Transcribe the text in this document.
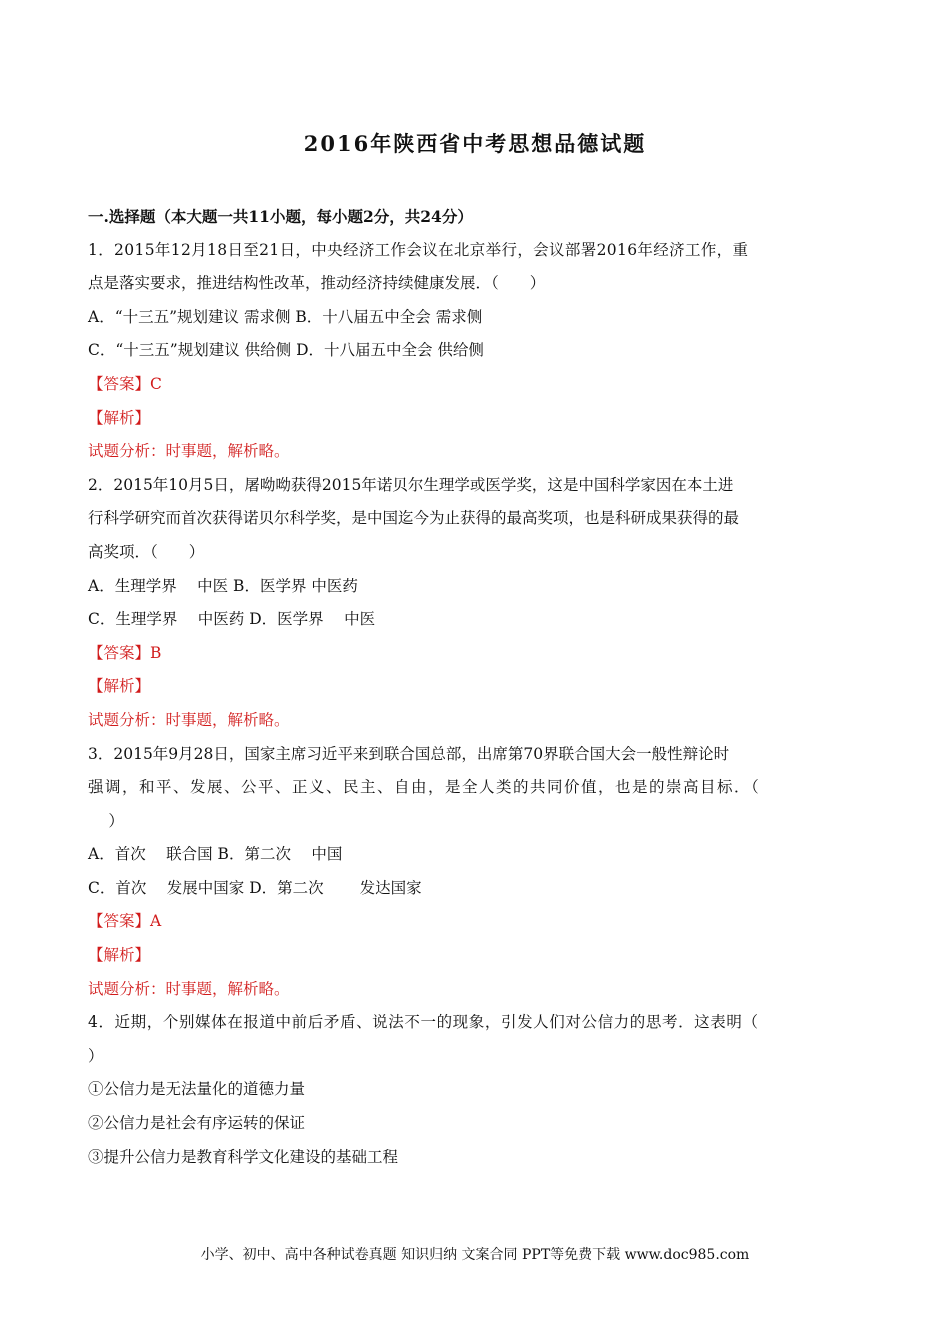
2016年陕西省中考思想品德试题
一.选择题（本大题一共11小题，每小题2分，共24分）
1．2015年12月18日至21日，中央经济工作会议在北京举行，会议部署2016年经济工作，重
点是落实要求，推进结构性改革，推动经济持续健康发展．（　　）
A．“十三五”规划建议 需求侧 B．十八届五中全会 需求侧
C．“十三五”规划建议 供给侧 D．十八届五中全会 供给侧
【答案】C
【解析】
试题分析：时事题，解析略。
2．2015年10月5日，屠呦呦获得2015年诺贝尔生理学或医学奖，这是中国科学家因在本土进
行科学研究而首次获得诺贝尔科学奖，是中国迄今为止获得的最高奖项，也是科研成果获得的最
高奖项．（　　）
A．生理学界　 中医 B．医学界 中医药
C．生理学界　 中医药 D．医学界　 中医
【答案】B
【解析】
试题分析：时事题，解析略。
3．2015年9月28日，国家主席习近平来到联合国总部，出席第70界联合国大会一般性辩论时
强调，和平、发展、公平、正义、民主、自由，是全人类的共同价值，也是的崇高目标．（
　 ）
A．首次　 联合国 B．第二次　 中国
C．首次　 发展中国家 D．第二次　　 发达国家
【答案】A
【解析】
试题分析：时事题，解析略。
4．近期，个别媒体在报道中前后矛盾、说法不一的现象，引发人们对公信力的思考．这表明（
）
①公信力是无法量化的道德力量
②公信力是社会有序运转的保证
③提升公信力是教育科学文化建设的基础工程
小学、初中、高中各种试卷真题 知识归纳 文案合同 PPT等免费下载 www.doc985.com
